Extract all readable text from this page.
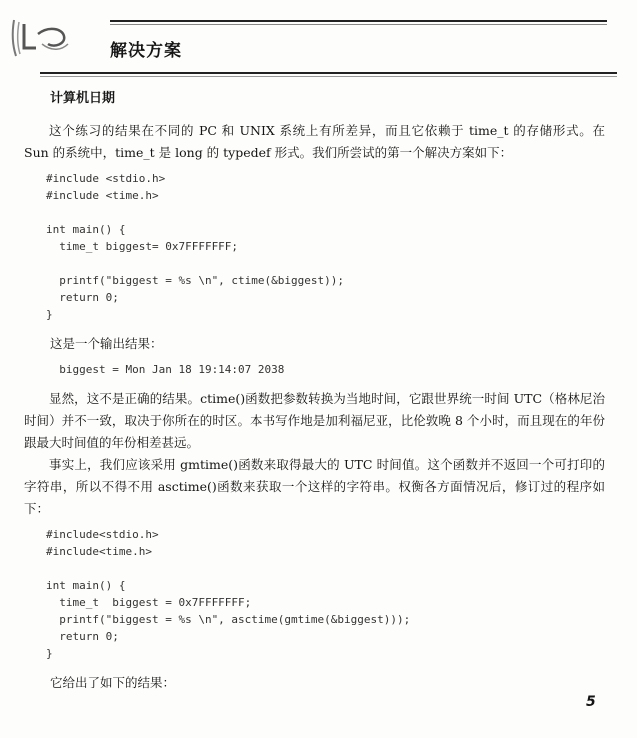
解决方案
计算机日期

这个练习的结果在不同的 PC 和 UNIX 系统上有所差异，而且它依赖于 time_t 的存储形式。在 Sun 的系统中，time_t 是 long 的 typedef 形式。我们所尝试的第一个解决方案如下：

#include <stdio.h>
#include <time.h>
int main() {
time_t biggest= 0x7FFFFFFF;
printf("biggest = %s \n", ctime(&biggest));
return 0;
}

这是一个输出结果：

biggest = Mon Jan 18 19:14:07 2038

显然，这不是正确的结果。ctime()函数把参数转换为当地时间，它跟世界统一时间 UTC（格林尼治时间）并不一致，取决于你所在的时区。本书写作地是加利福尼亚，比伦敦晚 8 个小时，而且现在的年份跟最大时间值的年份相差甚远。

事实上，我们应该采用 gmtime()函数来取得最大的 UTC 时间值。这个函数并不返回一个可打印的字符串，所以不得不用 asctime()函数来获取一个这样的字符串。权衡各方面情况后，修订过的程序如下：

#include<stdio.h>
#include<time.h>
int main() {
time_t  biggest = 0x7FFFFFFF;
printf("biggest = %s \n", asctime(gmtime(&biggest)));
return 0;
}

它给出了如下的结果：

5
